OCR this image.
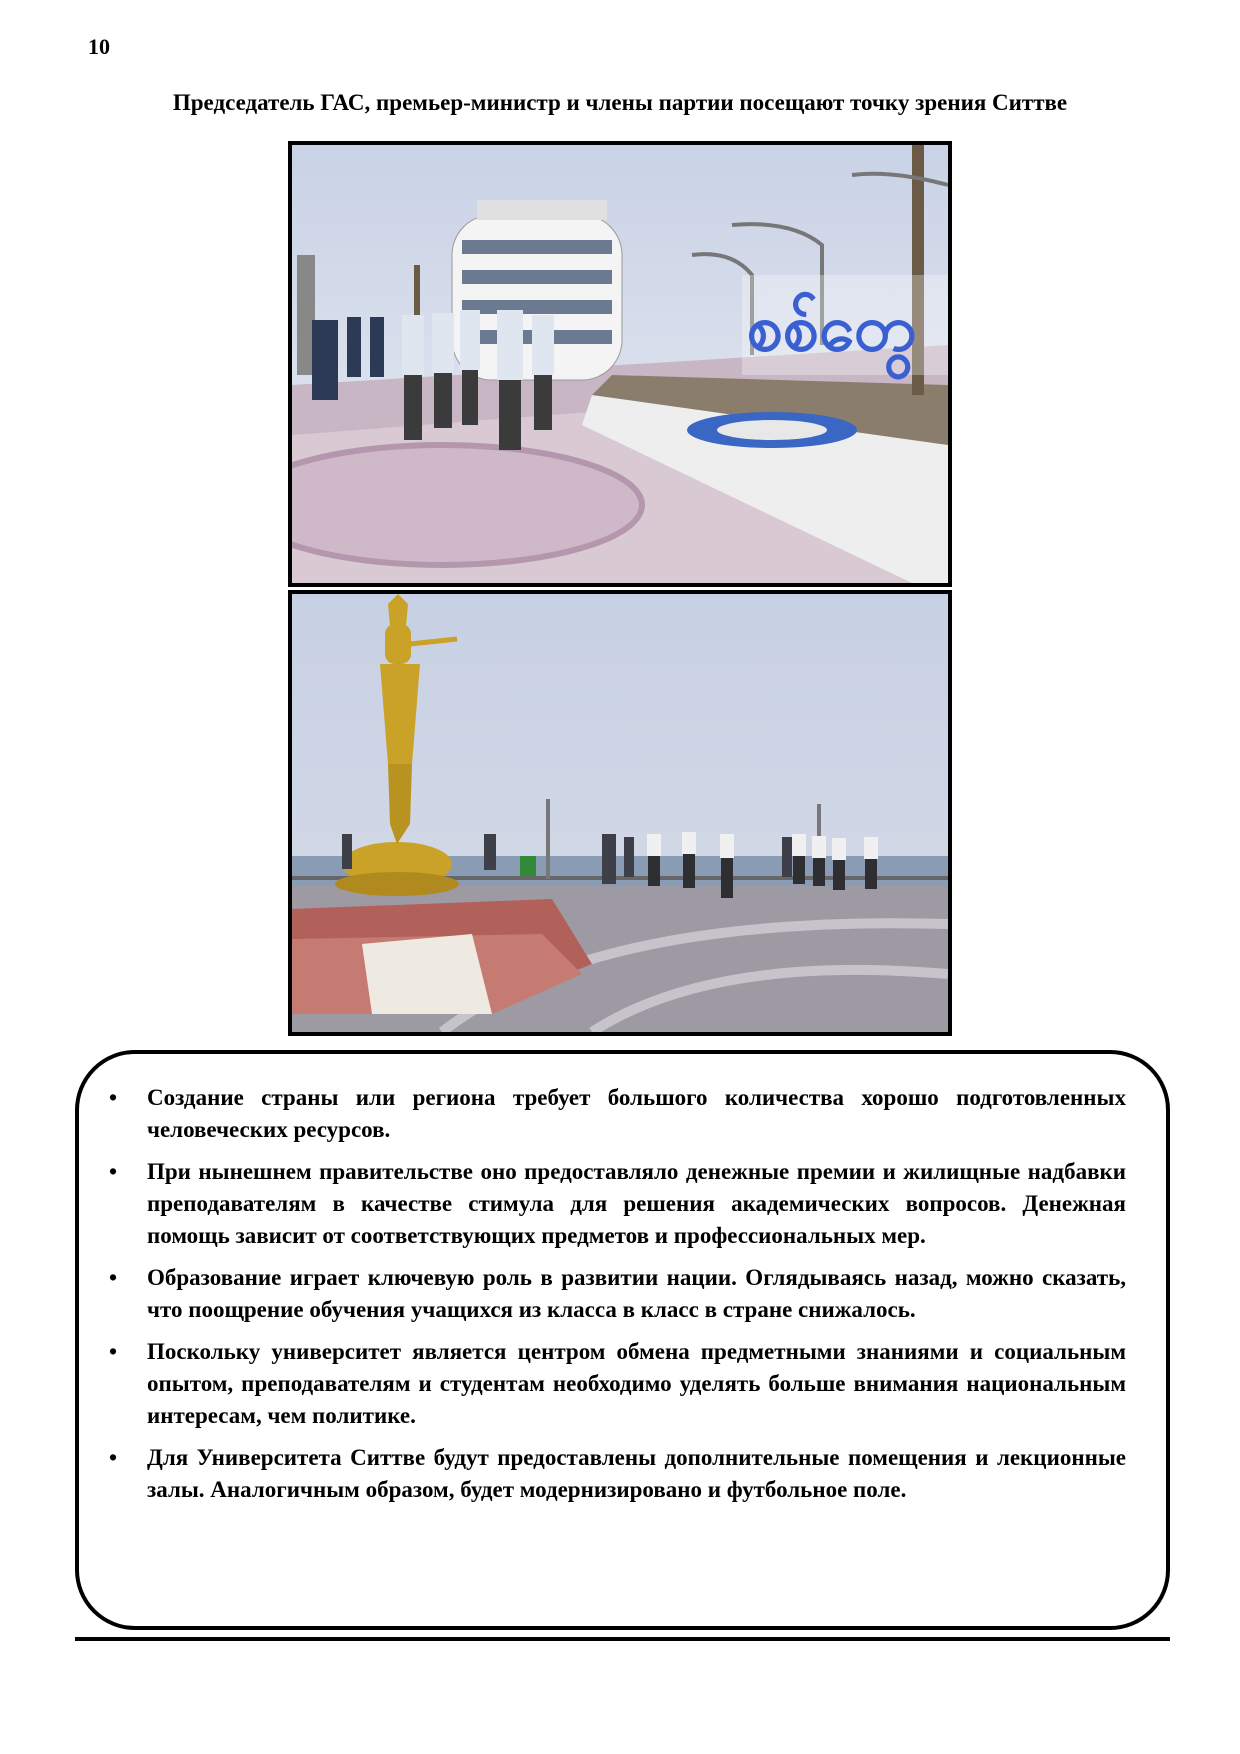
10
Председатель ГАС, премьер-министр и члены партии посещают точку зрения Ситтве
စစ်တွေ
• Создание страны или региона требует большого количества хорошо подготовленных человеческих ресурсов.
• При нынешнем правительстве оно предоставляло денежные премии и жилищные надбавки преподавателям в качестве стимула для решения академических вопросов. Денежная помощь зависит от соответствующих предметов и профессиональных мер.
• Образование играет ключевую роль в развитии нации. Оглядываясь назад, можно сказать, что поощрение обучения учащихся из класса в класс в стране снижалось.
• Поскольку университет является центром обмена предметными знаниями и социальным опытом, преподавателям и студентам необходимо уделять больше внимания национальным интересам, чем политике.
• Для Университета Ситтве будут предоставлены дополнительные помещения и лекционные залы. Аналогичным образом, будет модернизировано и футбольное поле.
